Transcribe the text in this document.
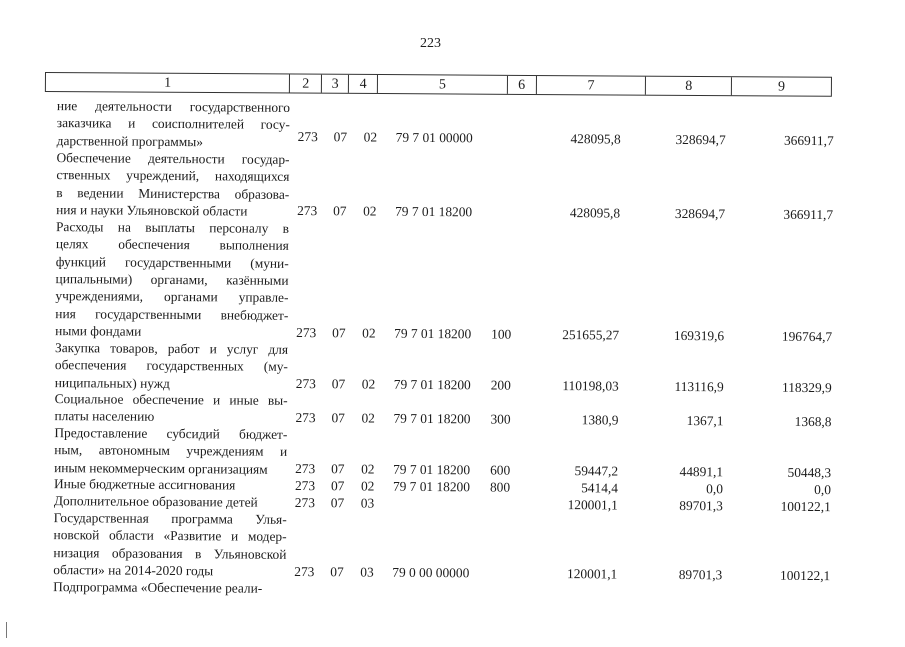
223
1	2	3	4	5	6	7	8	9
ние деятельности государственного
заказчика и соисполнителей госу-
дарственной программы»	273 07 02 79 7 01 00000	428095,8	328694,7	366911,7
Обеспечение деятельности государ-
ственных учреждений, находящихся
в ведении Министерства образова-
ния и науки Ульяновской области	273 07 02 79 7 01 18200	428095,8	328694,7	366911,7
Расходы на выплаты персоналу в
целях обеспечения выполнения
функций государственными (муни-
ципальными) органами, казёнными
учреждениями, органами управле-
ния государственными внебюджет-
ными фондами	273 07 02 79 7 01 18200 100	251655,27	169319,6	196764,7
Закупка товаров, работ и услуг для
обеспечения государственных (му-
ниципальных) нужд	273 07 02 79 7 01 18200 200	110198,03	113116,9	118329,9
Социальное обеспечение и иные вы-
платы населению	273 07 02 79 7 01 18200 300	1380,9	1367,1	1368,8
Предоставление субсидий бюджет-
ным, автономным учреждениям и
иным некоммерческим организациям	273 07 02 79 7 01 18200 600	59447,2	44891,1	50448,3
Иные бюджетные ассигнования	273 07 02 79 7 01 18200 800	5414,4	0,0	0,0
Дополнительное образование детей	273 07 03	120001,1	89701,3	100122,1
Государственная программа Улья-
новской области «Развитие и модер-
низация образования в Ульяновской
области» на 2014-2020 годы	273 07 03 79 0 00 00000	120001,1	89701,3	100122,1
Подпрограмма «Обеспечение реали-
